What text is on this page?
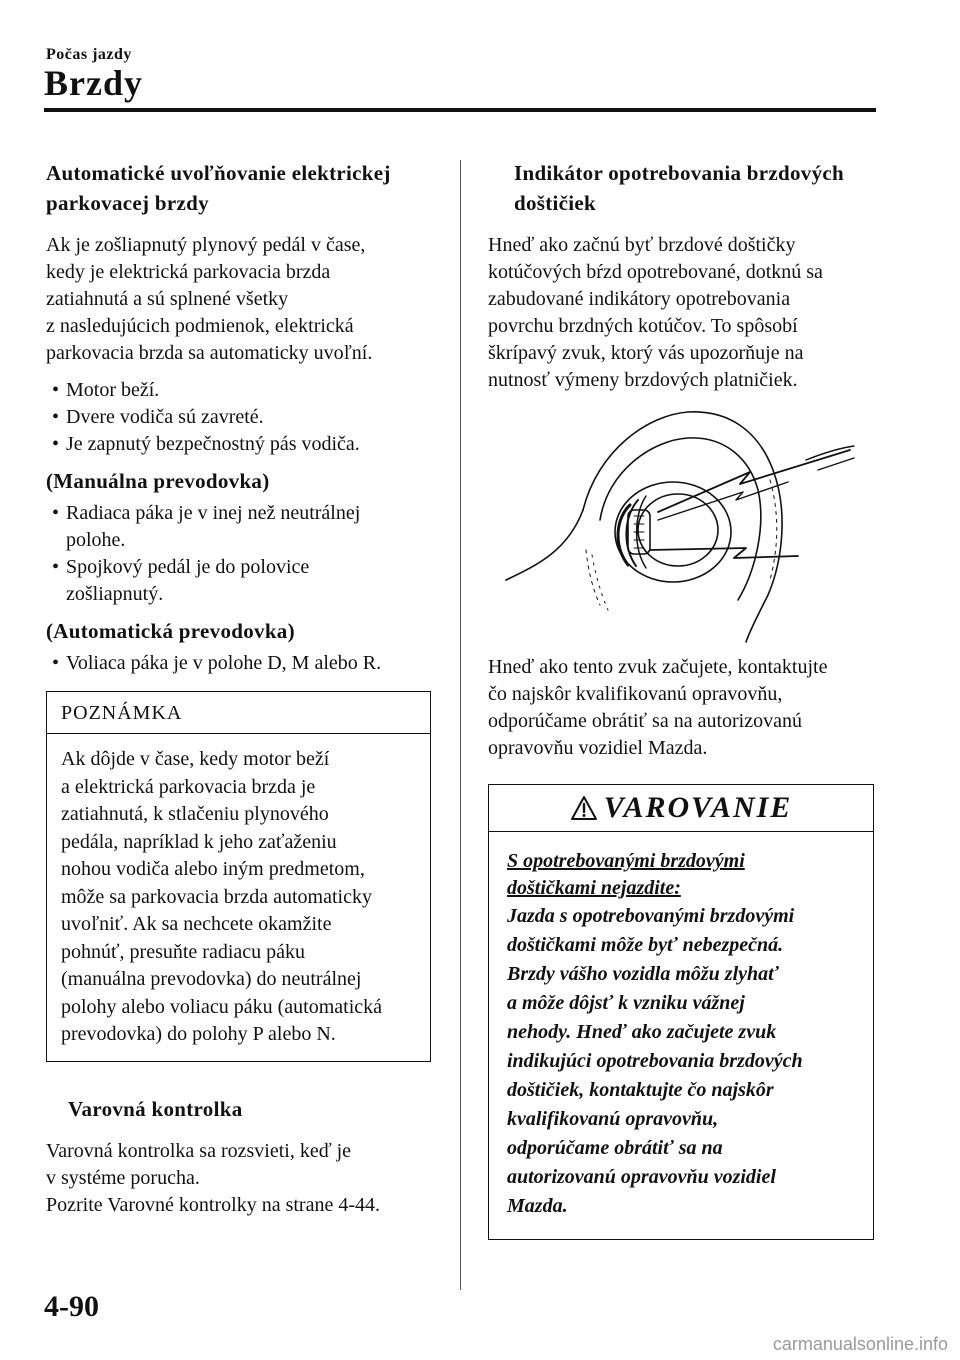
Počas jazdy
Brzdy
Automatické uvoľňovanie elektrickej
parkovacej brzdy
Ak je zošliapnutý plynový pedál v čase,
kedy je elektrická parkovacia brzda
zatiahnutá a sú splnené všetky
z nasledujúcich podmienok, elektrická
parkovacia brzda sa automaticky uvoľní.
• Motor beží.
• Dvere vodiča sú zavreté.
• Je zapnutý bezpečnostný pás vodiča.
(Manuálna prevodovka)
• Radiaca páka je v inej než neutrálnej
polohe.
• Spojkový pedál je do polovice
zošliapnutý.
(Automatická prevodovka)
• Voliaca páka je v polohe D, M alebo R.
POZNÁMKA
Ak dôjde v čase, kedy motor beží
a elektrická parkovacia brzda je
zatiahnutá, k stlačeniu plynového
pedála, napríklad k jeho zaťaženiu
nohou vodiča alebo iným predmetom,
môže sa parkovacia brzda automaticky
uvoľniť. Ak sa nechcete okamžite
pohnúť, presuňte radiacu páku
(manuálna prevodovka) do neutrálnej
polohy alebo voliacu páku (automatická
prevodovka) do polohy P alebo N.
Varovná kontrolka
Varovná kontrolka sa rozsvieti, keď je
v systéme porucha.
Pozrite Varovné kontrolky na strane 4-44.
Indikátor opotrebovania brzdových
doštičiek
Hneď ako začnú byť brzdové doštičky
kotúčových bŕzd opotrebované, dotknú sa
zabudované indikátory opotrebovania
povrchu brzdných kotúčov. To spôsobí
škrípavý zvuk, ktorý vás upozorňuje na
nutnosť výmeny brzdových platničiek.
Hneď ako tento zvuk začujete, kontaktujte
čo najskôr kvalifikovanú opravovňu,
odporúčame obrátiť sa na autorizovanú
opravovňu vozidiel Mazda.
VAROVANIE
S opotrebovanými brzdovými
doštičkami nejazdite:
Jazda s opotrebovanými brzdovými
doštičkami môže byť nebezpečná.
Brzdy vášho vozidla môžu zlyhať
a môže dôjsť k vzniku vážnej
nehody. Hneď ako začujete zvuk
indikujúci opotrebovania brzdových
doštičiek, kontaktujte čo najskôr
kvalifikovanú opravovňu,
odporúčame obrátiť sa na
autorizovanú opravovňu vozidiel
Mazda.
4-90
carmanualsonline.info
